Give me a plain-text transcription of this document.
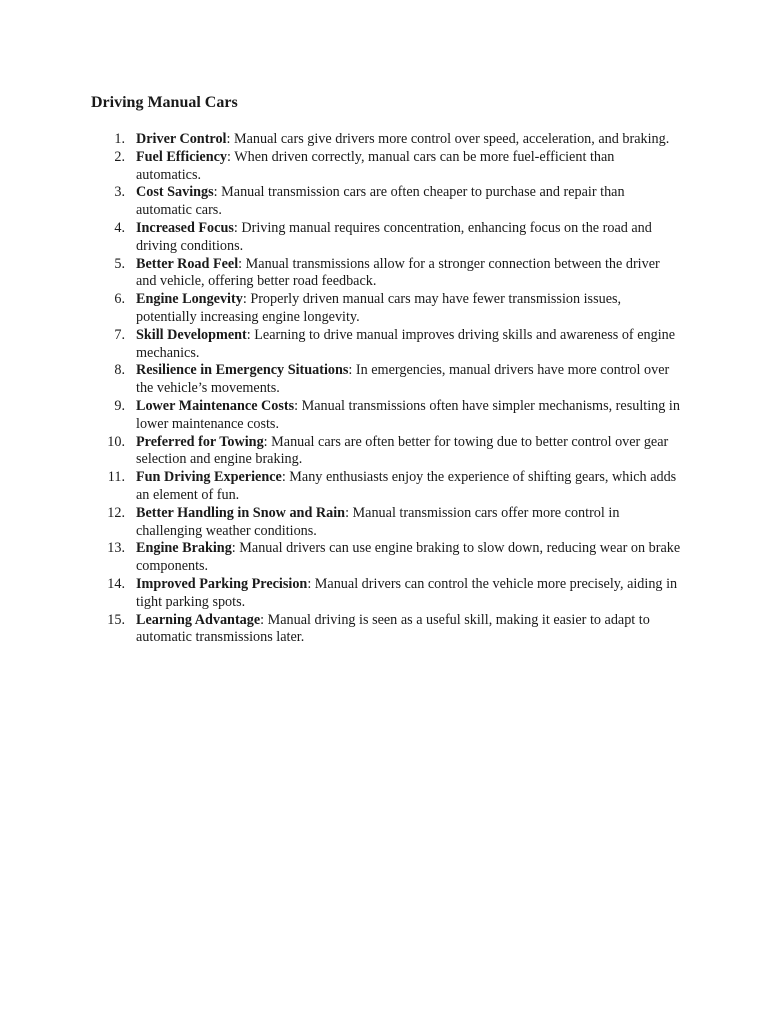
Driving Manual Cars
1. Driver Control: Manual cars give drivers more control over speed, acceleration, and braking.
2. Fuel Efficiency: When driven correctly, manual cars can be more fuel-efficient than automatics.
3. Cost Savings: Manual transmission cars are often cheaper to purchase and repair than automatic cars.
4. Increased Focus: Driving manual requires concentration, enhancing focus on the road and driving conditions.
5. Better Road Feel: Manual transmissions allow for a stronger connection between the driver and vehicle, offering better road feedback.
6. Engine Longevity: Properly driven manual cars may have fewer transmission issues, potentially increasing engine longevity.
7. Skill Development: Learning to drive manual improves driving skills and awareness of engine mechanics.
8. Resilience in Emergency Situations: In emergencies, manual drivers have more control over the vehicle’s movements.
9. Lower Maintenance Costs: Manual transmissions often have simpler mechanisms, resulting in lower maintenance costs.
10. Preferred for Towing: Manual cars are often better for towing due to better control over gear selection and engine braking.
11. Fun Driving Experience: Many enthusiasts enjoy the experience of shifting gears, which adds an element of fun.
12. Better Handling in Snow and Rain: Manual transmission cars offer more control in challenging weather conditions.
13. Engine Braking: Manual drivers can use engine braking to slow down, reducing wear on brake components.
14. Improved Parking Precision: Manual drivers can control the vehicle more precisely, aiding in tight parking spots.
15. Learning Advantage: Manual driving is seen as a useful skill, making it easier to adapt to automatic transmissions later.
